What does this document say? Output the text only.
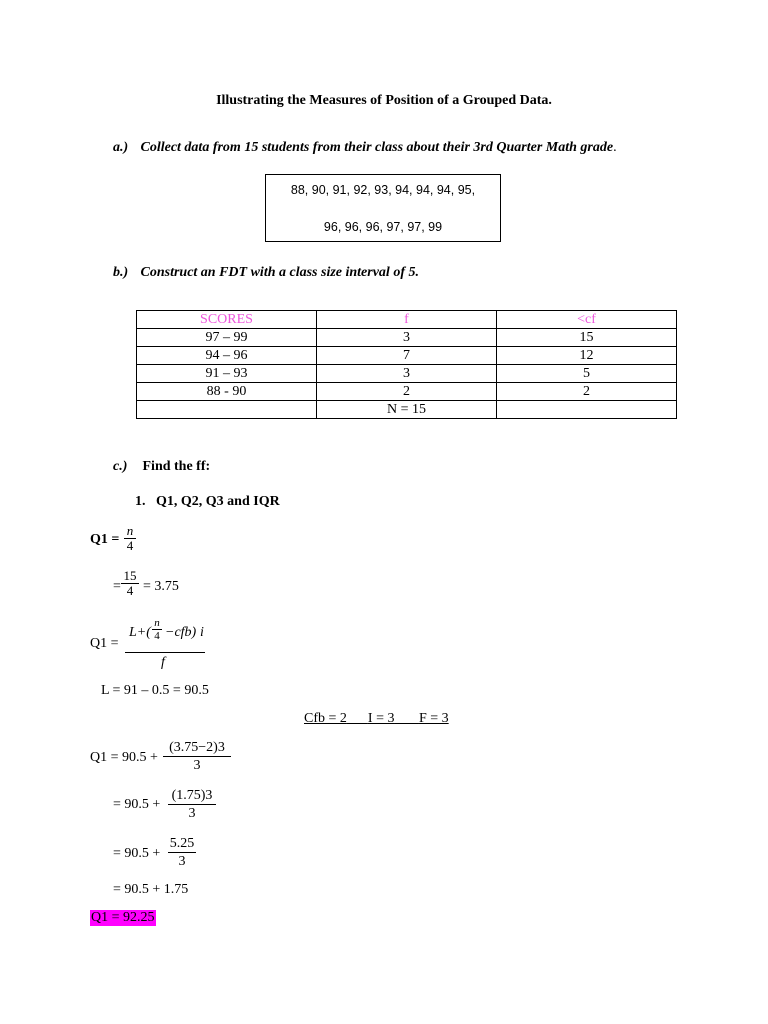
Illustrating the Measures of Position of a Grouped Data.
a.) Collect data from 15 students from their class about their 3rd Quarter Math grade.
88, 90, 91, 92, 93, 94, 94, 94, 95,
96, 96, 96, 97, 97, 99
b.) Construct an FDT with a class size interval of 5.
SCORES	f	<cf
97 – 99	3	15
94 – 96	7	12
91 – 93	3	5
88 - 90	2	2
	N = 15	
c.) Find the ff:
1.   Q1, Q2, Q3 and IQR
Q1 =
n
4
=
15
4 = 3.75
Q1 =
L+(
n
4 −cfb) i
f
L = 91 – 0.5 = 90.5
Cfb = 2 I = 3 F = 3
Q1 = 90.5 +
(3.75−2)3
3
= 90.5 +
(1.75)3
3
= 90.5 +
5.25
3
= 90.5 + 1.75
Q1 = 92.25
